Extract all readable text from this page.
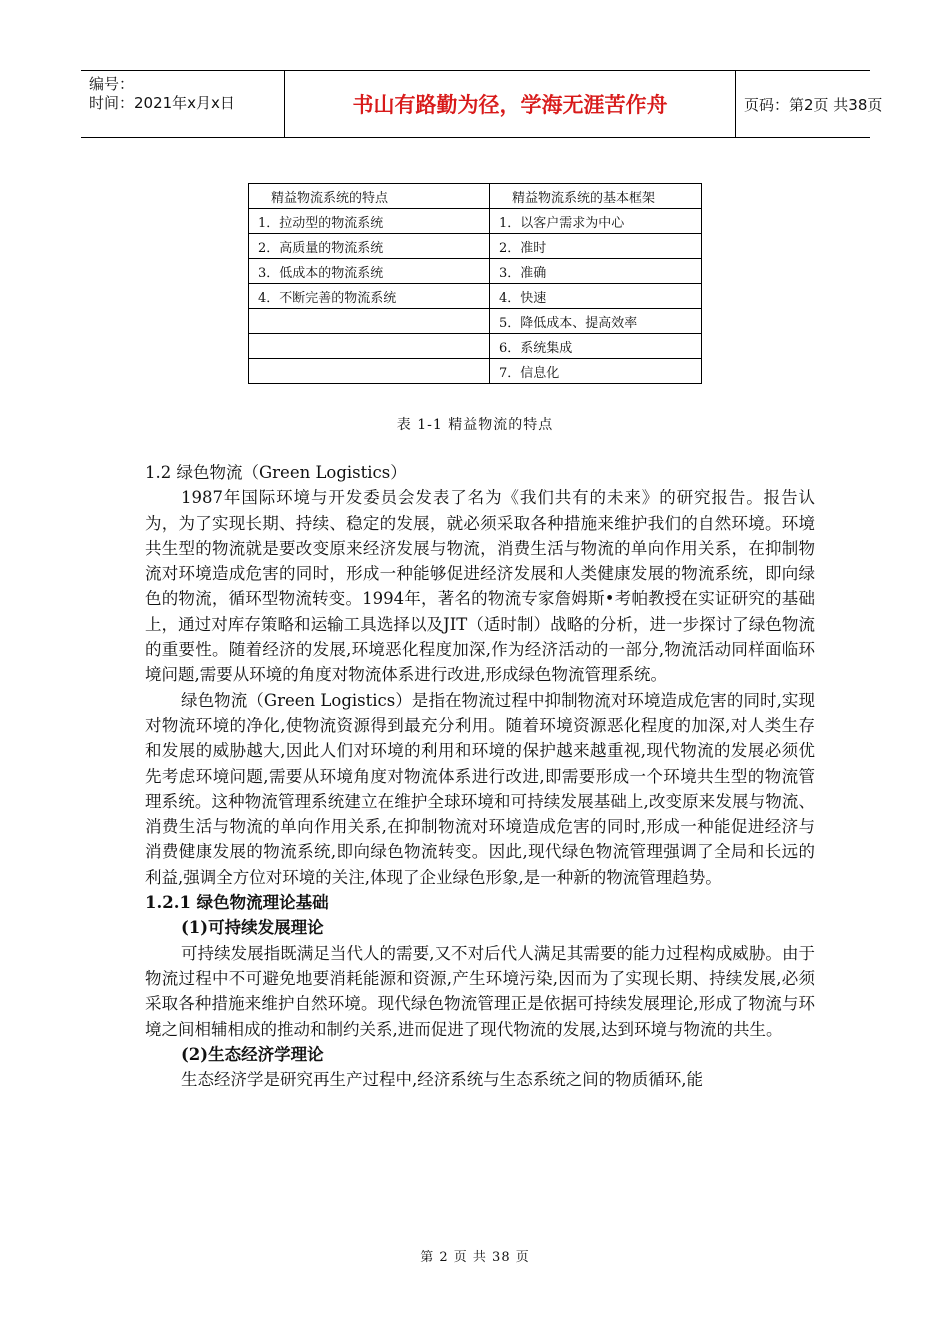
编号：
时间：2021年x月x日	书山有路勤为径，学海无涯苦作舟	页码：第2页 共38页
精益物流系统的特点	精益物流系统的基本框架
1．拉动型的物流系统	1．以客户需求为中心
2．高质量的物流系统	2．准时
3．低成本的物流系统	3．准确
4．不断完善的物流系统	4．快速
	5．降低成本、提高效率
	6．系统集成
	7．信息化
表 1-1 精益物流的特点

1.2 绿色物流（Green Logistics）

1987年国际环境与开发委员会发表了名为《我们共有的未来》的研究报告。报告认为，为了实现长期、持续、稳定的发展，就必须采取各种措施来维护我们的自然环境。环境共生型的物流就是要改变原来经济发展与物流，消费生活与物流的单向作用关系，在抑制物流对环境造成危害的同时，形成一种能够促进经济发展和人类健康发展的物流系统，即向绿色的物流，循环型物流转变。1994年，著名的物流专家詹姆斯•考帕教授在实证研究的基础上，通过对库存策略和运输工具选择以及JIT（适时制）战略的分析，进一步探讨了绿色物流的重要性。随着经济的发展,环境恶化程度加深,作为经济活动的一部分,物流活动同样面临环境问题,需要从环境的角度对物流体系进行改进,形成绿色物流管理系统。

绿色物流（Green Logistics）是指在物流过程中抑制物流对环境造成危害的同时,实现对物流环境的净化,使物流资源得到最充分利用。随着环境资源恶化程度的加深,对人类生存和发展的威胁越大,因此人们对环境的利用和环境的保护越来越重视,现代物流的发展必须优先考虑环境问题,需要从环境角度对物流体系进行改进,即需要形成一个环境共生型的物流管理系统。这种物流管理系统建立在维护全球环境和可持续发展基础上,改变原来发展与物流、消费生活与物流的单向作用关系,在抑制物流对环境造成危害的同时,形成一种能促进经济与消费健康发展的物流系统,即向绿色物流转变。因此,现代绿色物流管理强调了全局和长远的利益,强调全方位对环境的关注,体现了企业绿色形象,是一种新的物流管理趋势。

1.2.1 绿色物流理论基础

(1)可持续发展理论

可持续发展指既满足当代人的需要,又不对后代人满足其需要的能力过程构成威胁。由于物流过程中不可避免地要消耗能源和资源,产生环境污染,因而为了实现长期、持续发展,必须采取各种措施来维护自然环境。现代绿色物流管理正是依据可持续发展理论,形成了物流与环境之间相辅相成的推动和制约关系,进而促进了现代物流的发展,达到环境与物流的共生。

(2)生态经济学理论

生态经济学是研究再生产过程中,经济系统与生态系统之间的物质循环,能

第 2 页 共 38 页
